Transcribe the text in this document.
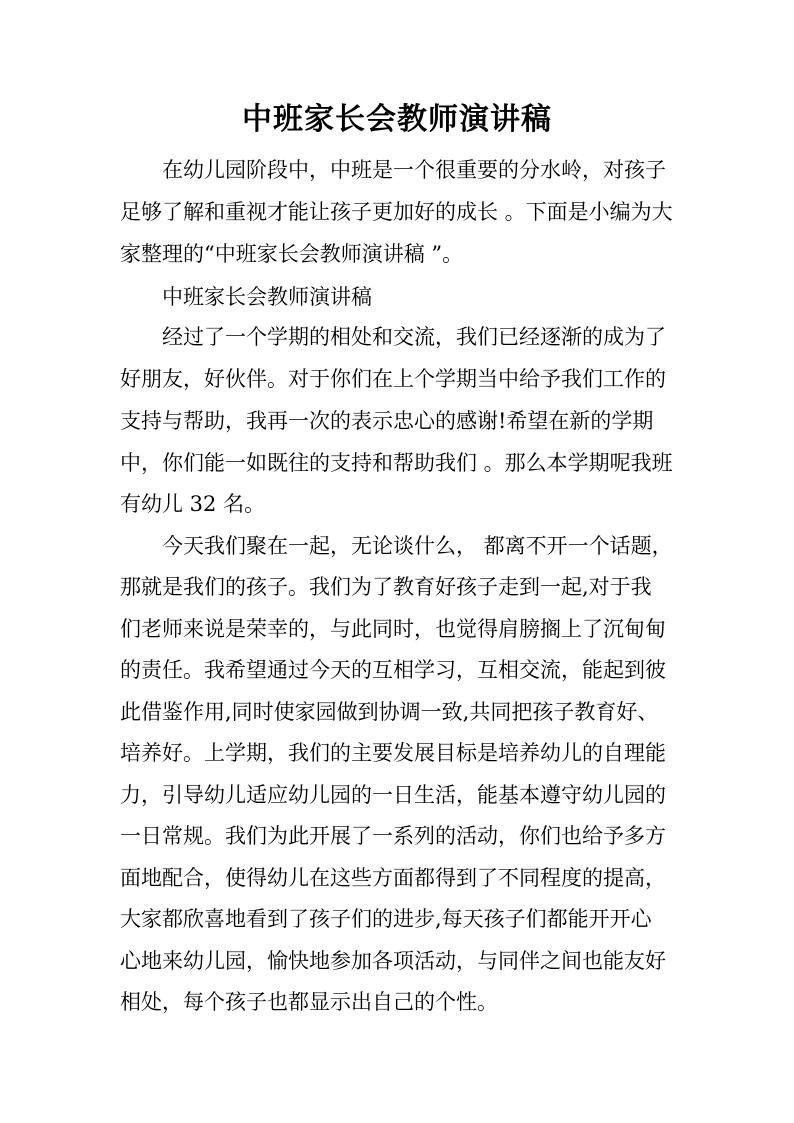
中班家长会教师演讲稿

　　在幼儿园阶段中，中班是一个很重要的分水岭，对孩子

足够了解和重视才能让孩子更加好的成长 。下面是小编为大

家整理的“中班家长会教师演讲稿 ”。

　　中班家长会教师演讲稿

　　经过了一个学期的相处和交流，我们已经逐渐的成为了

好朋友，好伙伴。对于你们在上个学期当中给予我们工作的

支持与帮助，我再一次的表示忠心的感谢!希望在新的学期

中，你们能一如既往的支持和帮助我们 。那么本学期呢我班

有幼儿 32 名。

　　今天我们聚在一起，无论谈什么， 都离不开一个话题，

那就是我们的孩子。我们为了教育好孩子走到一起,对于我

们老师来说是荣幸的，与此同时，也觉得肩膀搁上了沉甸甸

的责任。我希望通过今天的互相学习，互相交流，能起到彼

此借鉴作用,同时使家园做到协调一致,共同把孩子教育好、

培养好。上学期，我们的主要发展目标是培养幼儿的自理能

力，引导幼儿适应幼儿园的一日生活，能基本遵守幼儿园的

一日常规。我们为此开展了一系列的活动，你们也给予多方

面地配合，使得幼儿在这些方面都得到了不同程度的提高，

大家都欣喜地看到了孩子们的进步,每天孩子们都能开开心

心地来幼儿园，愉快地参加各项活动，与同伴之间也能友好

相处，每个孩子也都显示出自己的个性。
